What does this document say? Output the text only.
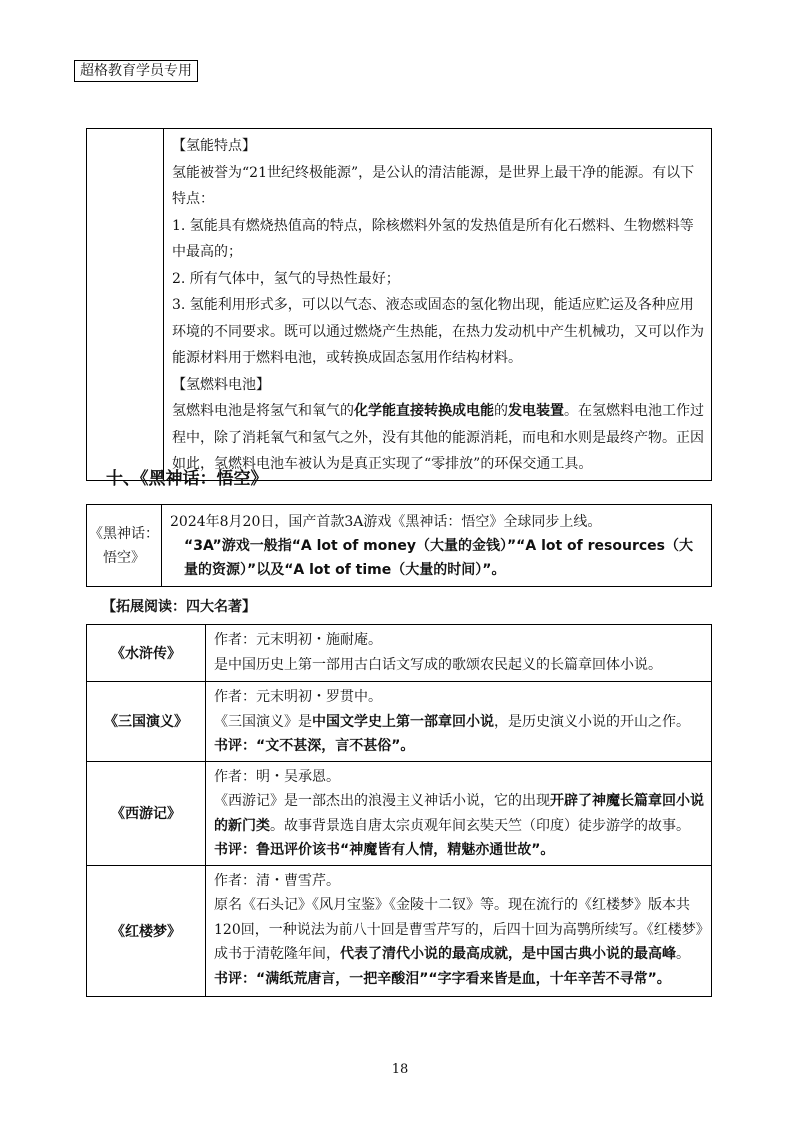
超格教育学员专用

【氢能特点】
氢能被誉为“21世纪终极能源”，是公认的清洁能源，是世界上最干净的能源。有以下特点：
1. 氢能具有燃烧热值高的特点，除核燃料外氢的发热值是所有化石燃料、生物燃料等中最高的；
2. 所有气体中，氢气的导热性最好；
3. 氢能利用形式多，可以以气态、液态或固态的氢化物出现，能适应贮运及各种应用环境的不同要求。既可以通过燃烧产生热能，在热力发动机中产生机械功，又可以作为能源材料用于燃料电池，或转换成固态氢用作结构材料。
【氢燃料电池】
氢燃料电池是将氢气和氧气的化学能直接转换成电能的发电装置。在氢燃料电池工作过程中，除了消耗氧气和氢气之外，没有其他的能源消耗，而电和水则是最终产物。正因如此，氢燃料电池车被认为是真正实现了“零排放”的环保交通工具。
十、《黑神话：悟空》
《黑神话：悟空》	
2024年8月20日，国产首款3A游戏《黑神话：悟空》全球同步上线。
“3A”游戏一般指“A lot of money（大量的金钱）”“A lot of resources（大量的资源）”以及“A lot of time（大量的时间）”。
【拓展阅读：四大名著】
《水浒传》	作者：元末明初・施耐庵。
是中国历史上第一部用古白话文写成的歌颂农民起义的长篇章回体小说。

《三国演义》	作者：元末明初・罗贯中。
《三国演义》是中国文学史上第一部章回小说，是历史演义小说的开山之作。
书评：“文不甚深，言不甚俗”。

《西游记》	作者：明・吴承恩。
《西游记》是一部杰出的浪漫主义神话小说，它的出现开辟了神魔长篇章回小说的新门类。故事背景选自唐太宗贞观年间玄奘天竺（印度）徒步游学的故事。
书评：鲁迅评价该书“神魔皆有人情，精魅亦通世故”。

《红楼梦》	作者：清・曹雪芹。
原名《石头记》《风月宝鉴》《金陵十二钗》等。现在流行的《红楼梦》版本共120回，一种说法为前八十回是曹雪芹写的，后四十回为高鹗所续写。《红楼梦》成书于清乾隆年间，代表了清代小说的最高成就，是中国古典小说的最高峰。
书评：“满纸荒唐言，一把辛酸泪”“字字看来皆是血，十年辛苦不寻常”。
18
